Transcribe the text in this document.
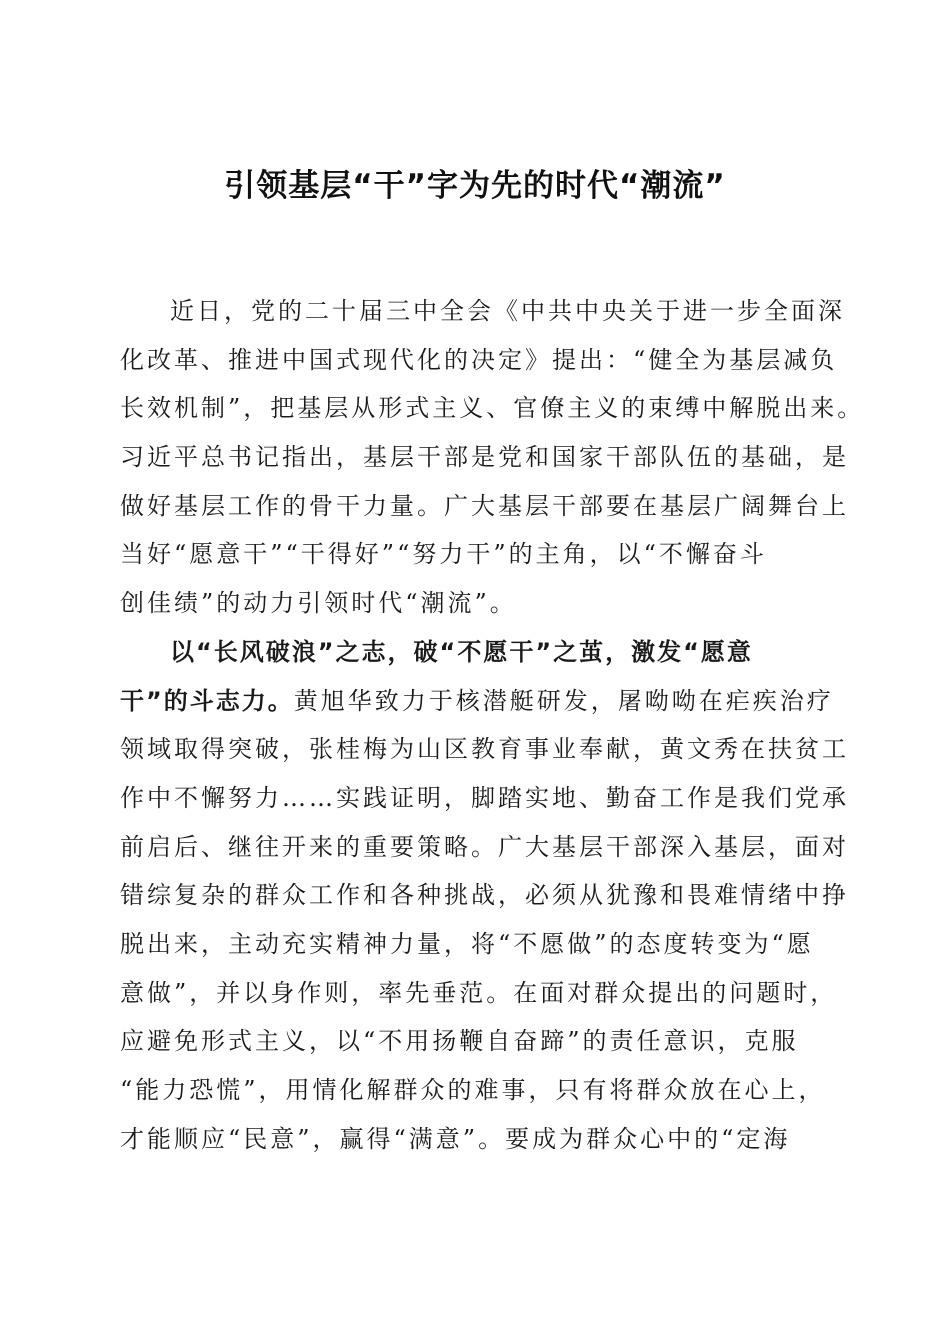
引领基层“干”字为先的时代“潮流”
近日，党的二十届三中全会《中共中央关于进一步全面深
化改革、推进中国式现代化的决定》提出：“健全为基层减负
长效机制”，把基层从形式主义、官僚主义的束缚中解脱出来。
习近平总书记指出，基层干部是党和国家干部队伍的基础，是
做好基层工作的骨干力量。广大基层干部要在基层广阔舞台上
当好“愿意干”“干得好”“努力干”的主角，以“不懈奋斗
创佳绩”的动力引领时代“潮流”。
以“长风破浪”之志，破“不愿干”之茧，激发“愿意
干”的斗志力。黄旭华致力于核潜艇研发，屠呦呦在疟疾治疗
领域取得突破，张桂梅为山区教育事业奉献，黄文秀在扶贫工
作中不懈努力……实践证明，脚踏实地、勤奋工作是我们党承
前启后、继往开来的重要策略。广大基层干部深入基层，面对
错综复杂的群众工作和各种挑战，必须从犹豫和畏难情绪中挣
脱出来，主动充实精神力量，将“不愿做”的态度转变为“愿
意做”，并以身作则，率先垂范。在面对群众提出的问题时，
应避免形式主义，以“不用扬鞭自奋蹄”的责任意识，克服
“能力恐慌”，用情化解群众的难事，只有将群众放在心上，
才能顺应“民意”，赢得“满意”。要成为群众心中的“定海
